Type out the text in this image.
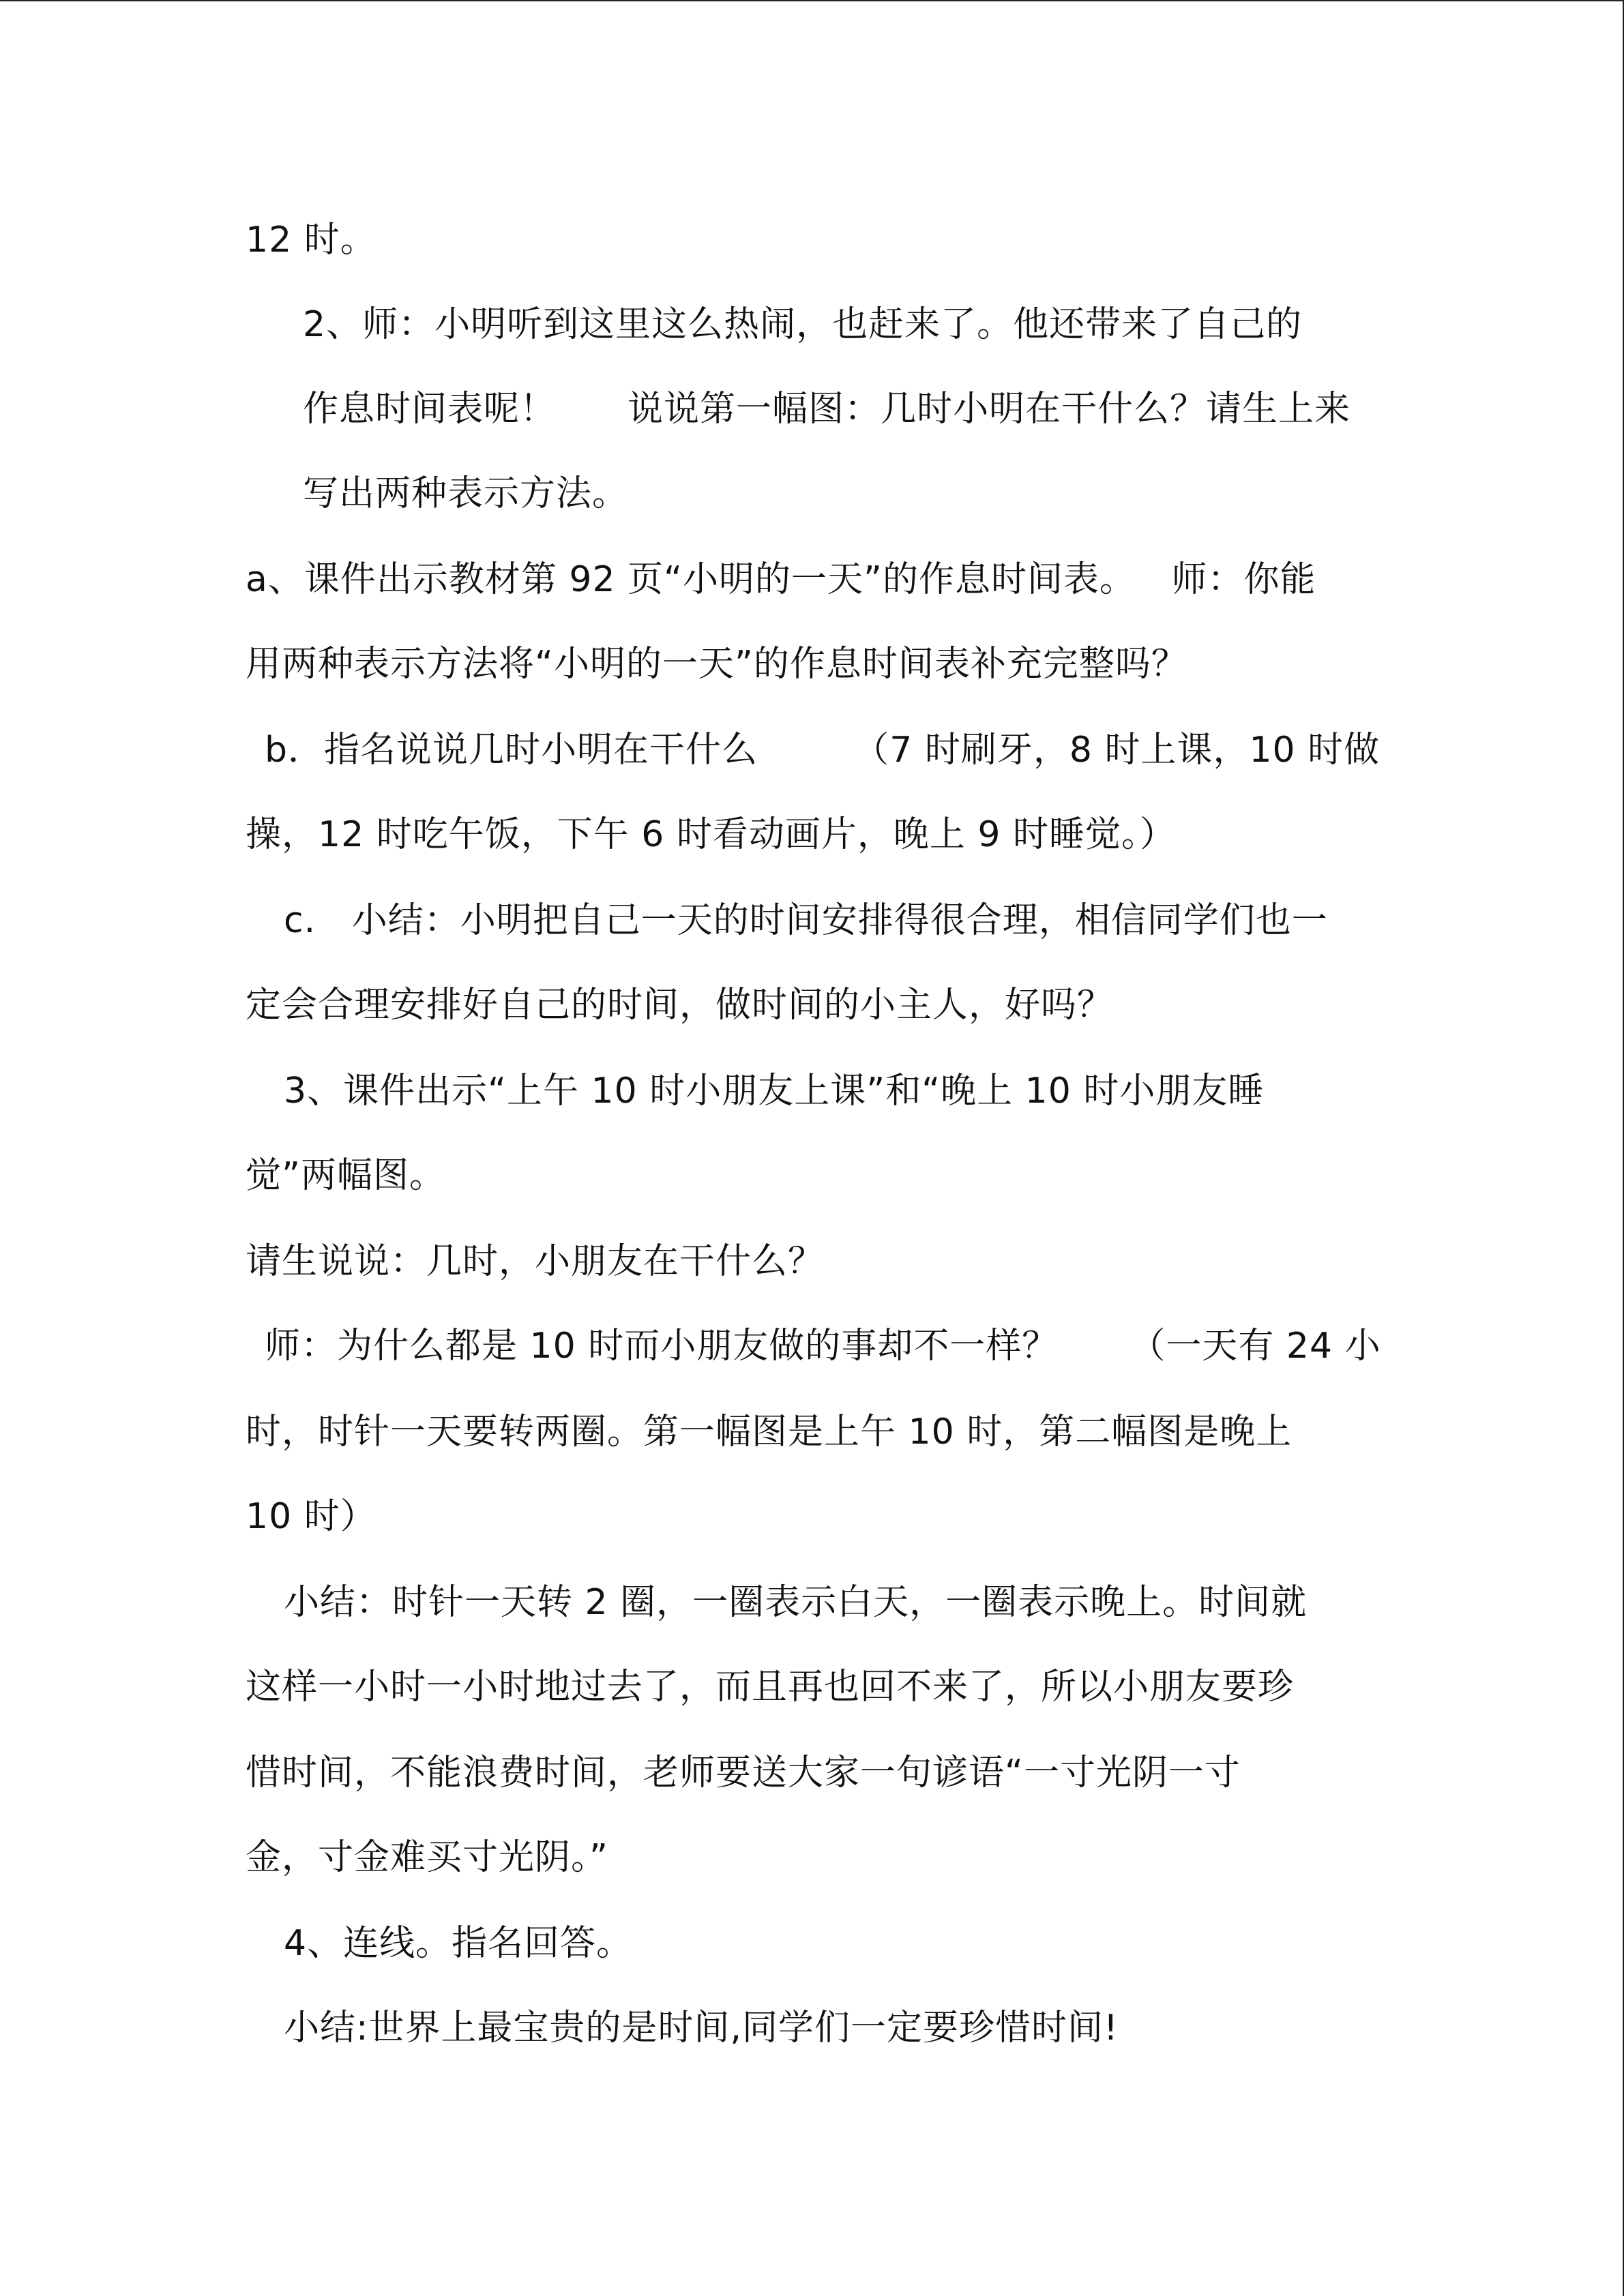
12 时。
2、师：小明听到这里这么热闹，也赶来了。他还带来了自己的
作息时间表呢！      说说第一幅图：几时小明在干什么？请生上来
写出两种表示方法。
a、课件出示教材第 92 页“小明的一天”的作息时间表。   师：你能
用两种表示方法将“小明的一天”的作息时间表补充完整吗？
b．指名说说几时小明在干什么        （7 时刷牙，8 时上课，10 时做
操，12 时吃午饭，下午 6 时看动画片，晚上 9 时睡觉。）
c.   小结：小明把自己一天的时间安排得很合理，相信同学们也一
定会合理安排好自己的时间，做时间的小主人，好吗？
3、课件出示“上午 10 时小朋友上课”和“晚上 10 时小朋友睡
觉”两幅图。
请生说说：几时，小朋友在干什么？
师：为什么都是 10 时而小朋友做的事却不一样？      （一天有 24 小
时，时针一天要转两圈。第一幅图是上午 10 时，第二幅图是晚上
10 时）
小结：时针一天转 2 圈，一圈表示白天，一圈表示晚上。时间就
这样一小时一小时地过去了，而且再也回不来了，所以小朋友要珍
惜时间，不能浪费时间，老师要送大家一句谚语“一寸光阴一寸
金，寸金难买寸光阴。”
4、连线。指名回答。
小结:世界上最宝贵的是时间,同学们一定要珍惜时间!
